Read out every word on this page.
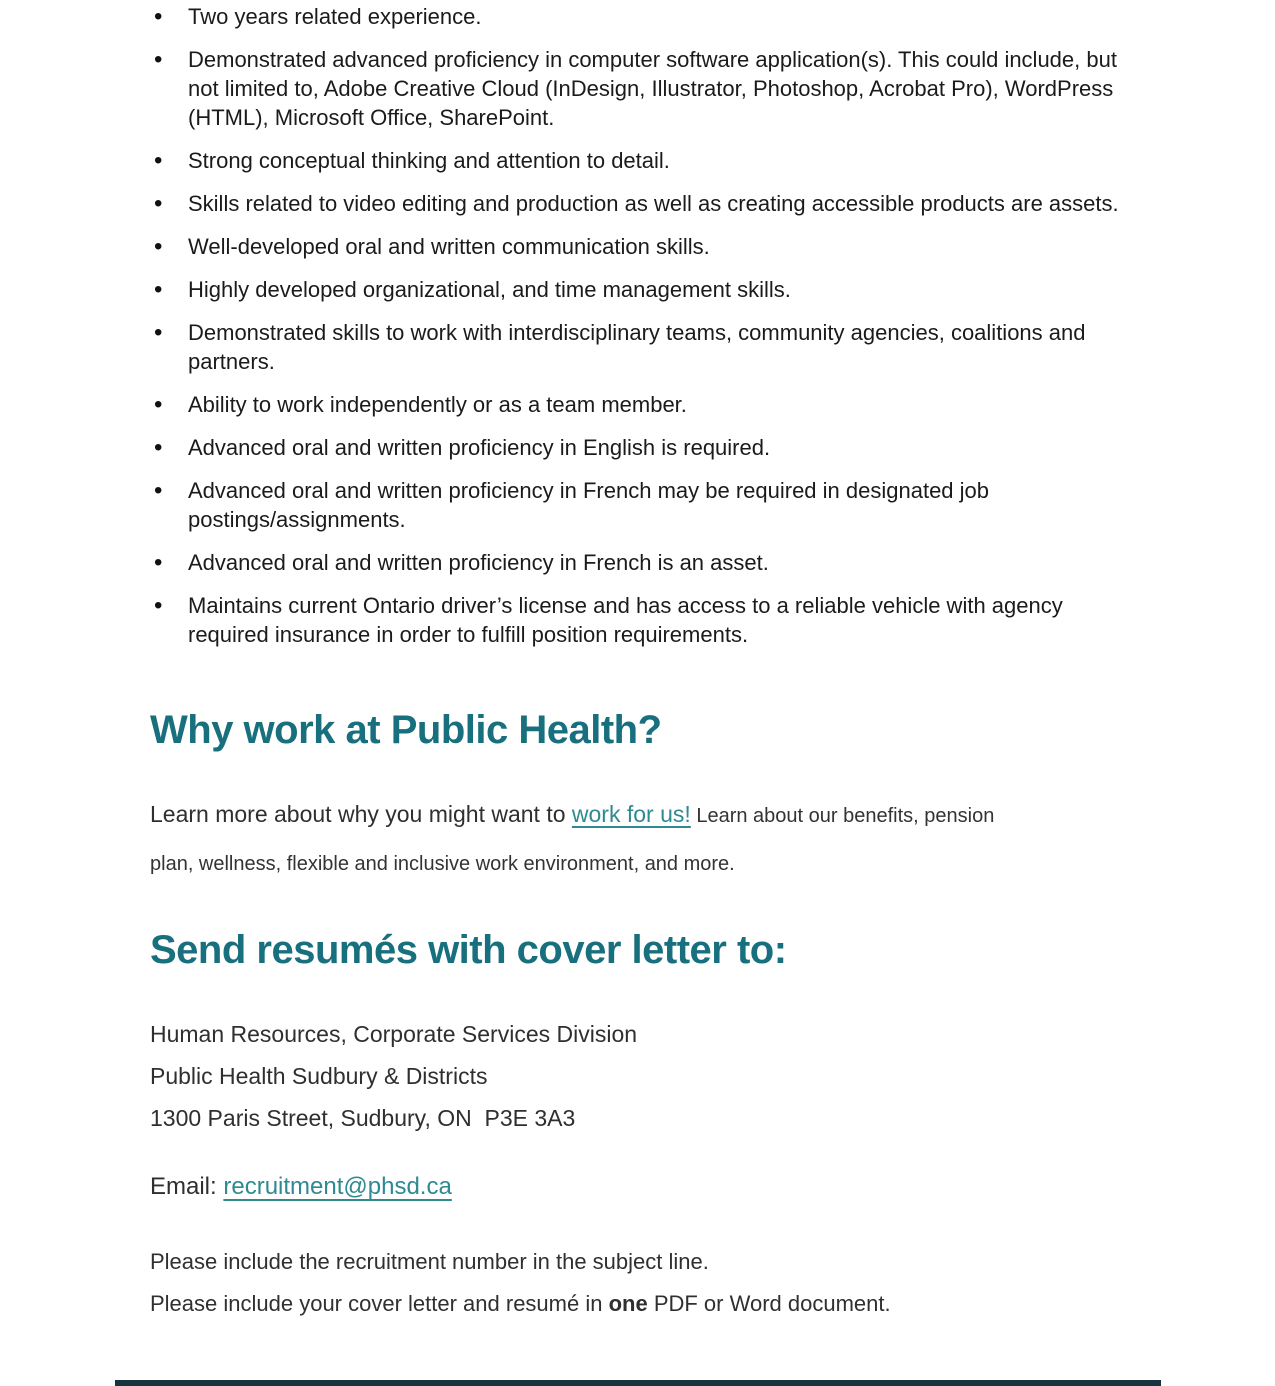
• Two years related experience.
• Demonstrated advanced proficiency in computer software application(s). This could include, but not limited to, Adobe Creative Cloud (InDesign, Illustrator, Photoshop, Acrobat Pro), WordPress (HTML), Microsoft Office, SharePoint.
• Strong conceptual thinking and attention to detail.
• Skills related to video editing and production as well as creating accessible products are assets.
• Well-developed oral and written communication skills.
• Highly developed organizational, and time management skills.
• Demonstrated skills to work with interdisciplinary teams, community agencies, coalitions and partners.
• Ability to work independently or as a team member.
• Advanced oral and written proficiency in English is required.
• Advanced oral and written proficiency in French may be required in designated job postings/assignments.
• Advanced oral and written proficiency in French is an asset.
• Maintains current Ontario driver’s license and has access to a reliable vehicle with agency required insurance in order to fulfill position requirements.
Why work at Public Health?

Learn more about why you might want to work for us! Learn about our benefits, pension plan, wellness, flexible and inclusive work environment, and more.

Send resumés with cover letter to:
Human Resources, Corporate Services Division
Public Health Sudbury & Districts
1300 Paris Street, Sudbury, ON  P3E 3A3
Email: recruitment@phsd.ca
Please include the recruitment number in the subject line.
Please include your cover letter and resumé in one PDF or Word document.
